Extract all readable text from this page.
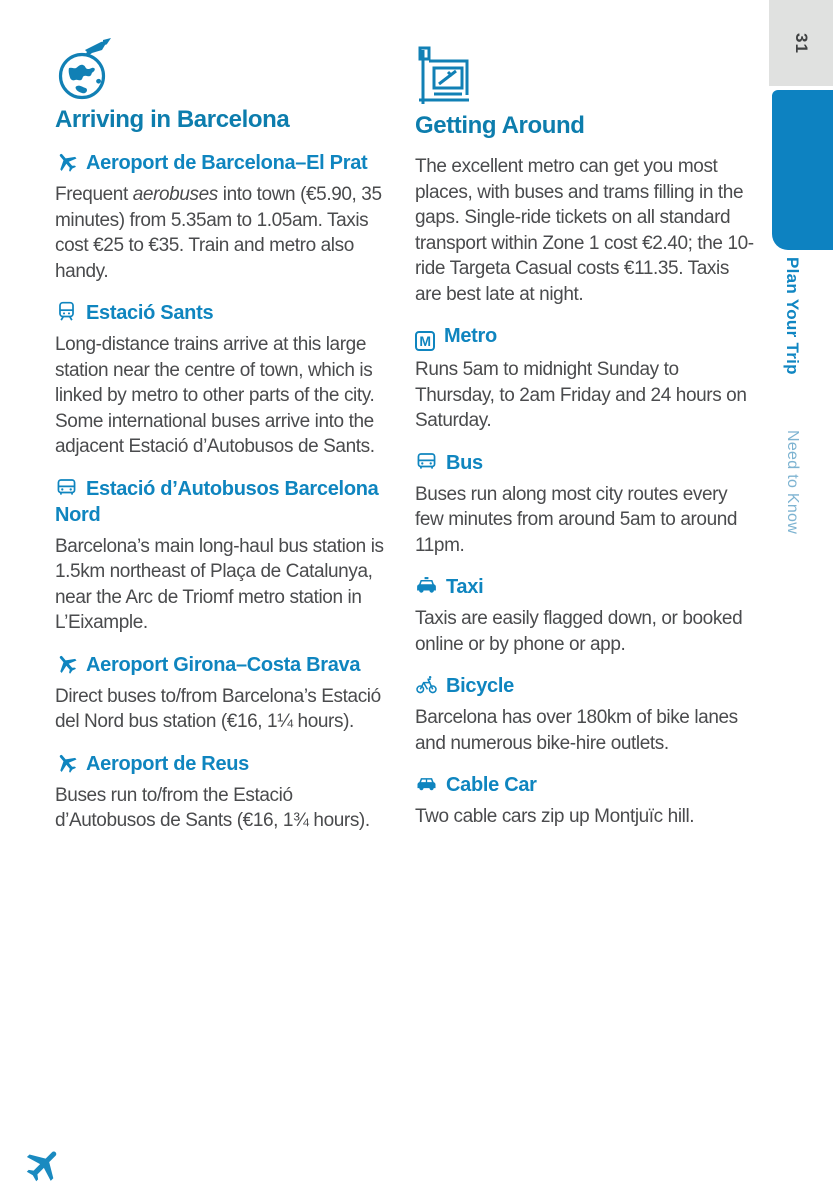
Arriving in Barcelona
Aeroport de Barcelona–El Prat

Frequent aerobuses into town (€5.90, 35 minutes) from 5.35am to 1.05am. Taxis cost €25 to €35. Train and metro also handy.

Estació Sants

Long-distance trains arrive at this large station near the centre of town, which is linked by metro to other parts of the city. Some international buses arrive into the adjacent Estació d’Autobusos de Sants.

Estació d’Autobusos Barcelona Nord

Barcelona’s main long-haul bus station is 1.5km northeast of Plaça de Catalunya, near the Arc de Triomf metro station in L’Eixample.

Aeroport Girona–Costa Brava

Direct buses to/from Barcelona’s Estació del Nord bus station (€16, 1¼ hours).

Aeroport de Reus

Buses run to/from the Estació d’Autobusos de Sants (€16, 1¾ hours).

Getting Around

The excellent metro can get you most places, with buses and trams filling in the gaps. Single-ride tickets on all standard transport within Zone 1 cost €2.40; the 10-ride Targeta Casual costs €11.35. Taxis are best late at night.

M Metro

Runs 5am to midnight Sunday to Thursday, to 2am Friday and 24 hours on Saturday.

Bus

Buses run along most city routes every few minutes from around 5am to around 11pm.

Taxi

Taxis are easily flagged down, or booked online or by phone or app.

Bicycle

Barcelona has over 180km of bike lanes and numerous bike-hire outlets.

Cable Car

Two cable cars zip up Montjuïc hill.

31
Plan Your Trip
Need to Know
